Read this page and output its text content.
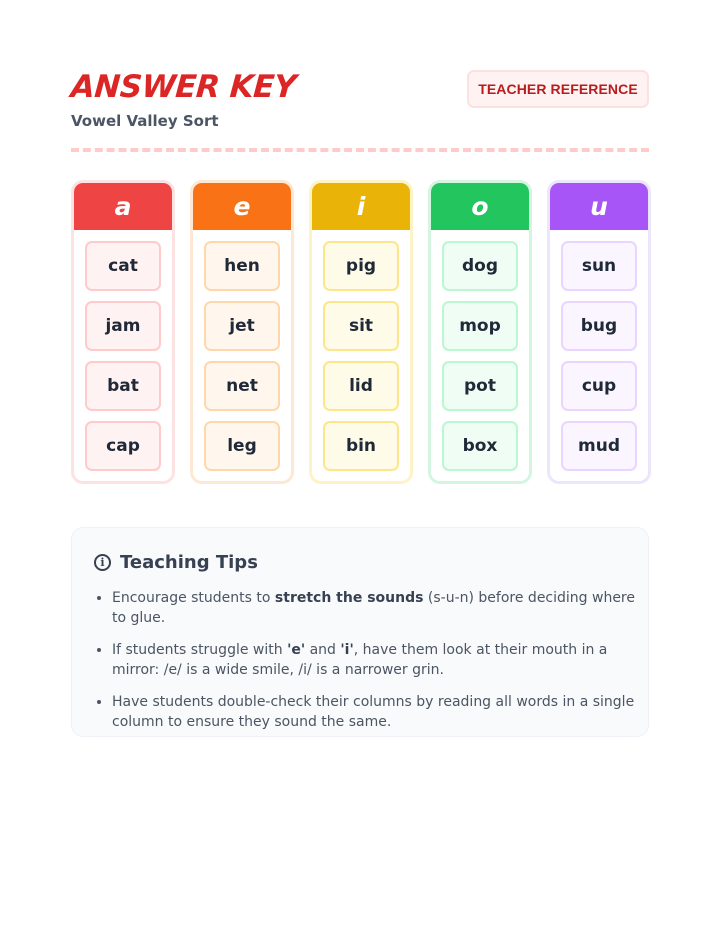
ANSWER KEY

Vowel Valley Sort

TEACHER REFERENCE
a
cat
jam
bat
cap
e
hen
jet
net
leg
i
pig
sit
lid
bin
o
dog
mop
pot
box
u
sun
bug
cup
mud
i Teaching Tips
• Encourage students to stretch the sounds (s-u-n) before deciding where to glue.
• If students struggle with 'e' and 'i', have them look at their mouth in a mirror: /e/ is a wide smile, /i/ is a narrower grin.
• Have students double-check their columns by reading all words in a single column to ensure they sound the same.
